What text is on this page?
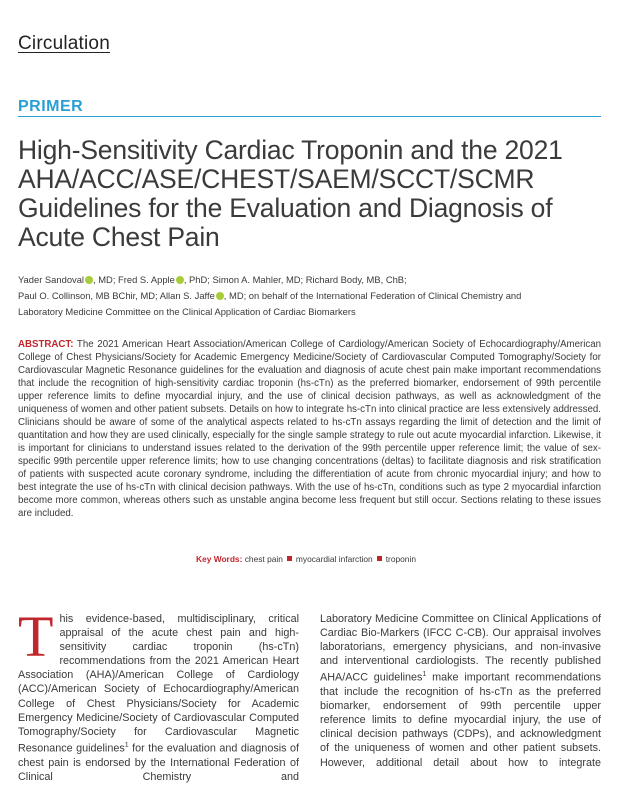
Circulation
PRIMER
High-Sensitivity Cardiac Troponin and the 2021
AHA/ACC/ASE/CHEST/SAEM/SCCT/SCMR
Guidelines for the Evaluation and Diagnosis of
Acute Chest Pain
Yader Sandoval , MD; Fred S. Apple , PhD; Simon A. Mahler, MD; Richard Body, MB, ChB;
Paul O. Collinson, MB BChir, MD; Allan S. Jaffe , MD; on behalf of the International Federation of Clinical Chemistry and
Laboratory Medicine Committee on the Clinical Application of Cardiac Biomarkers

ABSTRACT: The 2021 American Heart Association/American College of Cardiology/American Society of Echocardiography/American College of Chest Physicians/Society for Academic Emergency Medicine/Society of Cardiovascular Computed Tomography/Society for Cardiovascular Magnetic Resonance guidelines for the evaluation and diagnosis of acute chest pain make important recommendations that include the recognition of high-sensitivity cardiac troponin (hs-cTn) as the preferred biomarker, endorsement of 99th percentile upper reference limits to define myocardial injury, and the use of clinical decision pathways, as well as acknowledgment of the uniqueness of women and other patient subsets. Details on how to integrate hs-cTn into clinical practice are less extensively addressed. Clinicians should be aware of some of the analytical aspects related to hs-cTn assays regarding the limit of detection and the limit of quantitation and how they are used clinically, especially for the single sample strategy to rule out acute myocardial infarction. Likewise, it is important for clinicians to understand issues related to the derivation of the 99th percentile upper reference limit; the value of sex-specific 99th percentile upper reference limits; how to use changing concentrations (deltas) to facilitate diagnosis and risk stratification of patients with suspected acute coronary syndrome, including the differentiation of acute from chronic myocardial injury; and how to best integrate the use of hs-cTn with clinical decision pathways. With the use of hs-cTn, conditions such as type 2 myocardial infarction become more common, whereas others such as unstable angina become less frequent but still occur. Sections relating to these issues are included.

Key Words: chest pain myocardial infarction troponin

This evidence-based, multidisciplinary, critical appraisal of the acute chest pain and high-sensitivity cardiac troponin (hs-cTn) recommendations from the 2021 American Heart Association (AHA)/American College of Cardiology (ACC)/American Society of Echocardiography/American College of Chest Physicians/Society for Academic Emergency Medicine/Society of Cardiovascular Computed Tomography/Society for Cardiovascular Magnetic Resonance guidelines$^1$ for the evaluation and diagnosis of chest pain is endorsed by the International Federation of Clinical Chemistry and

Laboratory Medicine Committee on Clinical Applications of Cardiac Bio-Markers (IFCC C-CB). Our appraisal involves laboratorians, emergency physicians, and non-invasive and interventional cardiologists. The recently published AHA/ACC guidelines$^1$ make important recommendations that include the recognition of hs-cTn as the preferred biomarker, endorsement of 99th percentile upper reference limits to define myocardial injury, the use of clinical decision pathways (CDPs), and acknowledgment of the uniqueness of women and other patient subsets. However, additional detail about how to integrate
